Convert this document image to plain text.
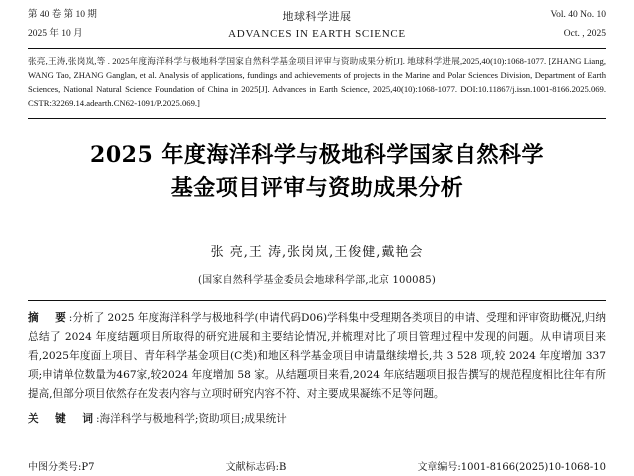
第 40 卷 第 10 期
2025 年 10 月
地球科学进展
ADVANCES IN EARTH SCIENCE
Vol. 40 No. 10
Oct. , 2025

张亮,王涛,张岗岚,等 . 2025年度海洋科学与极地科学国家自然科学基金项目评审与资助成果分析[J]. 地球科学进展,2025,40(10):1068-1077. [ZHANG Liang, WANG Tao, ZHANG Ganglan, et al. Analysis of applications, fundings and achievements of projects in the Marine and Polar Sciences Division, Department of Earth Sciences, National Natural Science Foundation of China in 2025[J]. Advances in Earth Science, 2025,40(10):1068-1077. DOI:10.11867/j.issn.1001-8166.2025.069. CSTR:32269.14.adearth.CN62-1091/P.2025.069.]

2025 年度海洋科学与极地科学国家自然科学
基金项目评审与资助成果分析
张 亮,王 涛,张岗岚,王俊健,戴艳会
(国家自然科学基金委员会地球科学部,北京 100085)
摘　要:分析了 2025 年度海洋科学与极地科学(申请代码D06)学科集中受理期各类项目的申请、受理和评审资助概况,归纳总结了 2024 年度结题项目所取得的研究进展和主要结论情况,并梳理对比了项目管理过程中发现的问题。从申请项目来看,2025年度面上项目、青年科学基金项目(C类)和地区科学基金项目申请量继续增长,共 3 528 项,较 2024 年度增加 337项;申请单位数量为467家,较2024 年度增加 58 家。从结题项目来看,2024 年底结题项目报告撰写的规范程度相比往年有所提高,但部分项目依然存在发表内容与立项时研究内容不符、对主要成果凝练不足等问题。
关　键　词:海洋科学与极地科学;资助项目;成果统计
中图分类号:P7	文献标志码:B	文章编号:1001-8166(2025)10-1068-10
